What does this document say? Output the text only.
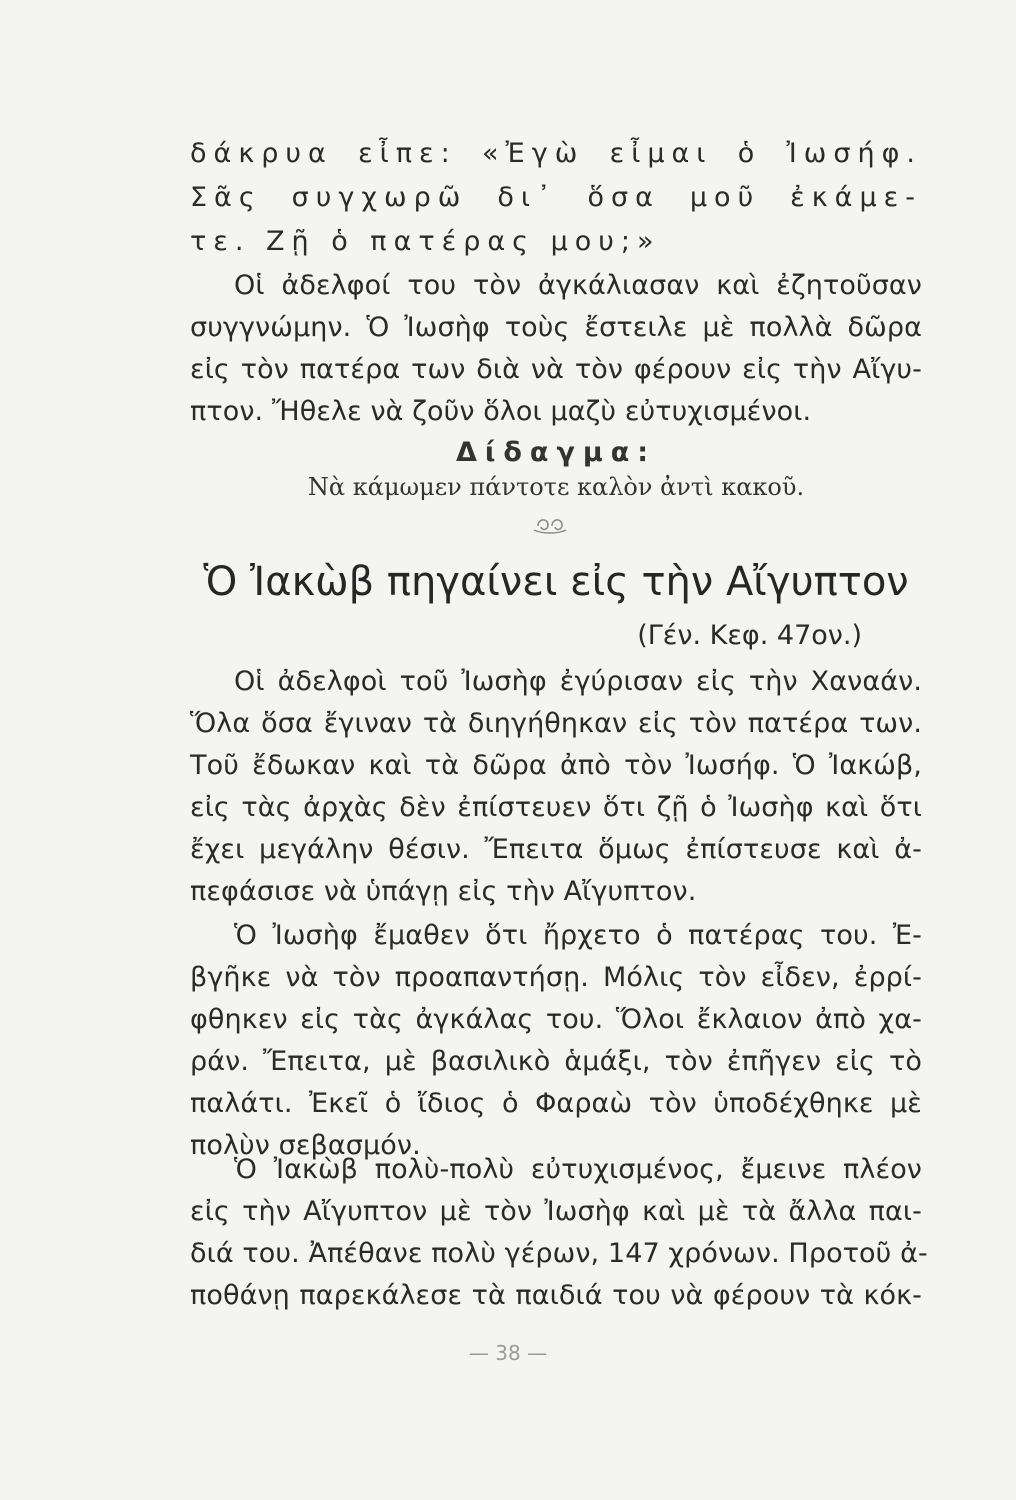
δάκρυα εἶπε: «Ἐγὼ εἶμαι ὁ Ἰωσήφ.
Σᾶς συγχωρῶ δι᾽ ὅσα μοῦ ἐκάμε-
τε. Ζῇ ὁ πατέρας μου;»
Οἱ ἀδελφοί του τὸν ἀγκάλιασαν καὶ ἐζητοῦσαν
συγγνώμην. Ὁ Ἰωσὴφ τοὺς ἔστειλε μὲ πολλὰ δῶρα
εἰς τὸν πατέρα των διὰ νὰ τὸν φέρουν εἰς τὴν Αἴγυ-
πτον. Ἤθελε νὰ ζοῦν ὅλοι μαζὺ εὐτυχισμένοι.
Δίδαγμα:
Νὰ κάμωμεν πάντοτε καλὸν ἀντὶ κακοῦ.
Ὁ Ἰακὼβ πηγαίνει εἰς τὴν Αἴγυπτον
(Γέν. Κεφ. 47ον.)
Οἱ ἀδελφοὶ τοῦ Ἰωσὴφ ἐγύρισαν εἰς τὴν Χαναάν.
Ὅλα ὅσα ἔγιναν τὰ διηγήθηκαν εἰς τὸν πατέρα των.
Τοῦ ἔδωκαν καὶ τὰ δῶρα ἀπὸ τὸν Ἰωσήφ. Ὁ Ἰακώβ,
εἰς τὰς ἀρχὰς δὲν ἐπίστευεν ὅτι ζῇ ὁ Ἰωσὴφ καὶ ὅτι
ἔχει μεγάλην θέσιν. Ἔπειτα ὅμως ἐπίστευσε καὶ ἀ-
πεφάσισε νὰ ὑπάγῃ εἰς τὴν Αἴγυπτον.
Ὁ Ἰωσὴφ ἔμαθεν ὅτι ἤρχετο ὁ πατέρας του. Ἐ-
βγῆκε νὰ τὸν προαπαντήσῃ. Μόλις τὸν εἶδεν, ἐρρί-
φθηκεν εἰς τὰς ἀγκάλας του. Ὅλοι ἔκλαιον ἀπὸ χα-
ράν. Ἔπειτα, μὲ βασιλικὸ ἁμάξι, τὸν ἐπῆγεν εἰς τὸ
παλάτι. Ἐκεῖ ὁ ἴδιος ὁ Φαραὼ τὸν ὑποδέχθηκε μὲ
πολὺν σεβασμόν.
Ὁ Ἰακὼβ πολὺ-πολὺ εὐτυχισμένος, ἔμεινε πλέον
εἰς τὴν Αἴγυπτον μὲ τὸν Ἰωσὴφ καὶ μὲ τὰ ἄλλα παι-
διά του. Ἀπέθανε πολὺ γέρων, 147 χρόνων. Προτοῦ ἀ-
ποθάνῃ παρεκάλεσε τὰ παιδιά του νὰ φέρουν τὰ κόκ-
— 38 —
